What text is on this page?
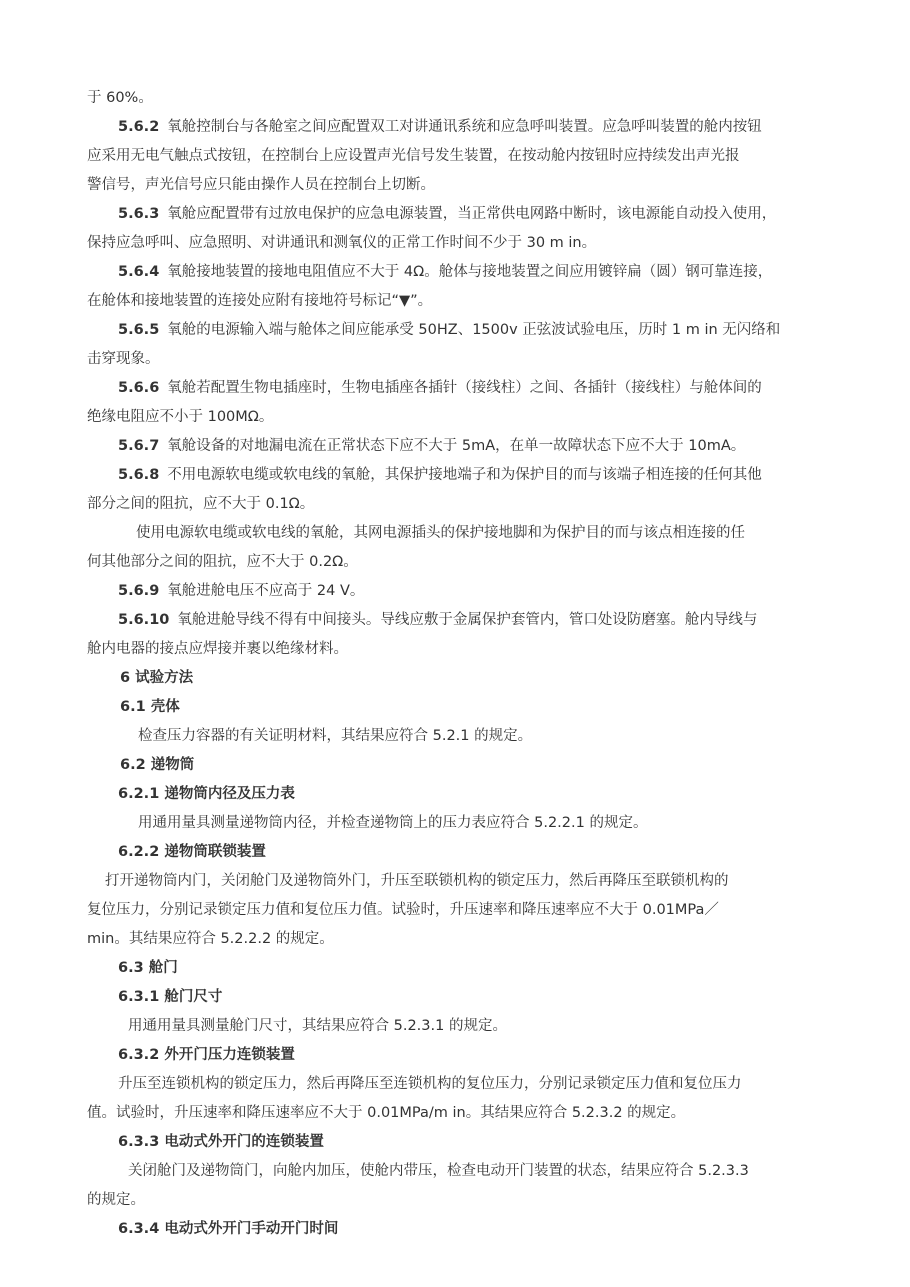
于 60%。
5.6.2 氧舱控制台与各舱室之间应配置双工对讲通讯系统和应急呼叫装置。应急呼叫装置的舱内按钮
应采用无电气触点式按钮，在控制台上应设置声光信号发生装置，在按动舱内按钮时应持续发出声光报
警信号，声光信号应只能由操作人员在控制台上切断。
5.6.3 氧舱应配置带有过放电保护的应急电源装置，当正常供电网路中断时，该电源能自动投入使用，
保持应急呼叫、应急照明、对讲通讯和测氧仪的正常工作时间不少于 30 m in。
5.6.4 氧舱接地装置的接地电阻值应不大于 4Ω。舱体与接地装置之间应用镀锌扁（圆）钢可靠连接，
在舱体和接地装置的连接处应附有接地符号标记“▼”。
5.6.5 氧舱的电源输入端与舱体之间应能承受 50HZ、1500v 正弦波试验电压，历时 1 m in 无闪络和
击穿现象。
5.6.6 氧舱若配置生物电插座时，生物电插座各插针（接线柱）之间、各插针（接线柱）与舱体间的
绝缘电阻应不小于 100MΩ。
5.6.7 氧舱设备的对地漏电流在正常状态下应不大于 5mA，在单一故障状态下应不大于 10mA。
5.6.8 不用电源软电缆或软电线的氧舱，其保护接地端子和为保护目的而与该端子相连接的任何其他
部分之间的阻抗，应不大于 0.1Ω。
使用电源软电缆或软电线的氧舱，其网电源插头的保护接地脚和为保护目的而与该点相连接的任
何其他部分之间的阻抗，应不大于 0.2Ω。
5.6.9 氧舱进舱电压不应高于 24 V。
5.6.10 氧舱进舱导线不得有中间接头。导线应敷于金属保护套管内，管口处设防磨塞。舱内导线与
舱内电器的接点应焊接并裹以绝缘材料。
6 试验方法
6.1 壳体
检查压力容器的有关证明材料，其结果应符合 5.2.1 的规定。
6.2 递物筒
6.2.1 递物筒内径及压力表
用通用量具测量递物筒内径，并检查递物筒上的压力表应符合 5.2.2.1 的规定。
6.2.2 递物筒联锁装置
打开递物筒内门，关闭舱门及递物筒外门，升压至联锁机构的锁定压力，然后再降压至联锁机构的
复位压力，分别记录锁定压力值和复位压力值。试验时，升压速率和降压速率应不大于 0.01MPa／
min。其结果应符合 5.2.2.2 的规定。
6.3 舱门
6.3.1 舱门尺寸
用通用量具测量舱门尺寸，其结果应符合 5.2.3.1 的规定。
6.3.2 外开门压力连锁装置
升压至连锁机构的锁定压力，然后再降压至连锁机构的复位压力，分别记录锁定压力值和复位压力
值。试验时，升压速率和降压速率应不大于 0.01MPa/m in。其结果应符合 5.2.3.2 的规定。
6.3.3 电动式外开门的连锁装置
关闭舱门及递物筒门，向舱内加压，使舱内带压，检查电动开门装置的状态，结果应符合 5.2.3.3
的规定。
6.3.4 电动式外开门手动开门时间
